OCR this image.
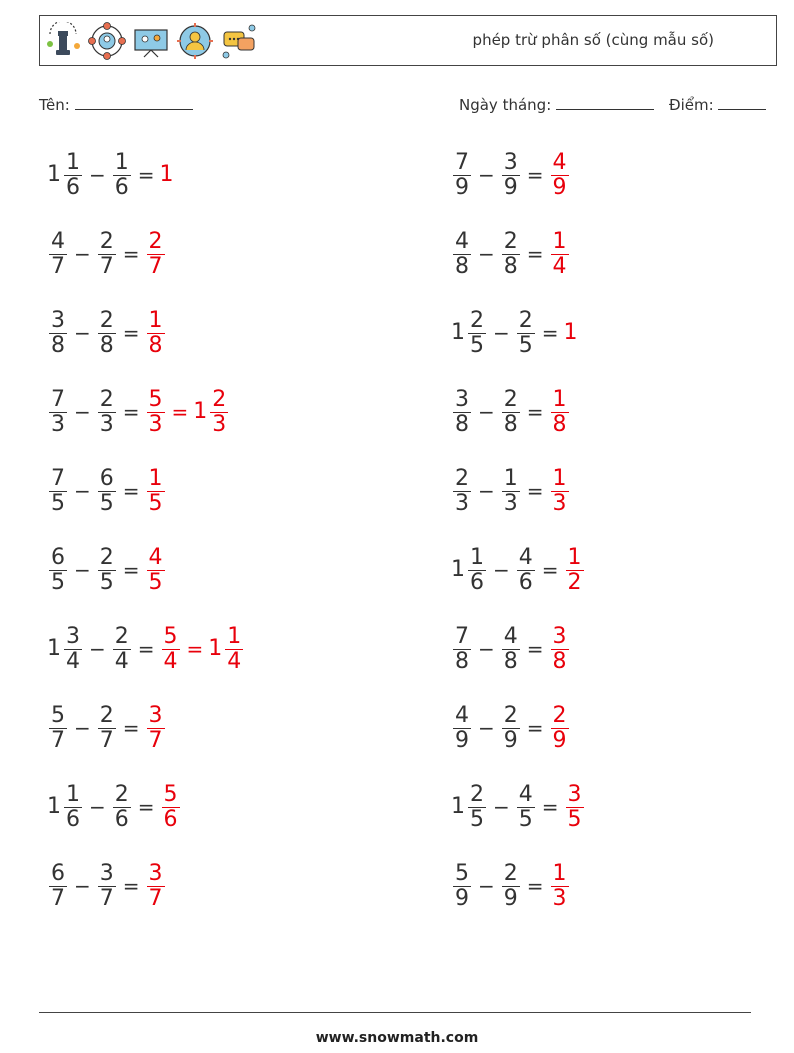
phép trừ phân số (cùng mẫu số)
Tên:	Ngày tháng:	Điểm:
$1 \frac{1}{6} - \frac{1}{6} = 1$
$\frac{4}{7} - \frac{2}{7} = \frac{2}{7}$
$\frac{3}{8} - \frac{2}{8} = \frac{1}{8}$
$\frac{7}{3} - \frac{2}{3} = \frac{5}{3} = 1 \frac{2}{3}$
$\frac{7}{5} - \frac{6}{5} = \frac{1}{5}$
$\frac{6}{5} - \frac{2}{5} = \frac{4}{5}$
$1 \frac{3}{4} - \frac{2}{4} = \frac{5}{4} = 1 \frac{1}{4}$
$\frac{5}{7} - \frac{2}{7} = \frac{3}{7}$
$1 \frac{1}{6} - \frac{2}{6} = \frac{5}{6}$
$\frac{6}{7} - \frac{3}{7} = \frac{3}{7}$
$\frac{7}{9} - \frac{3}{9} = \frac{4}{9}$
$\frac{4}{8} - \frac{2}{8} = \frac{1}{4}$
$1 \frac{2}{5} - \frac{2}{5} = 1$
$\frac{3}{8} - \frac{2}{8} = \frac{1}{8}$
$\frac{2}{3} - \frac{1}{3} = \frac{1}{3}$
$1 \frac{1}{6} - \frac{4}{6} = \frac{1}{2}$
$\frac{7}{8} - \frac{4}{8} = \frac{3}{8}$
$\frac{4}{9} - \frac{2}{9} = \frac{2}{9}$
$1 \frac{2}{5} - \frac{4}{5} = \frac{3}{5}$
$\frac{5}{9} - \frac{2}{9} = \frac{1}{3}$
www.snowmath.com
